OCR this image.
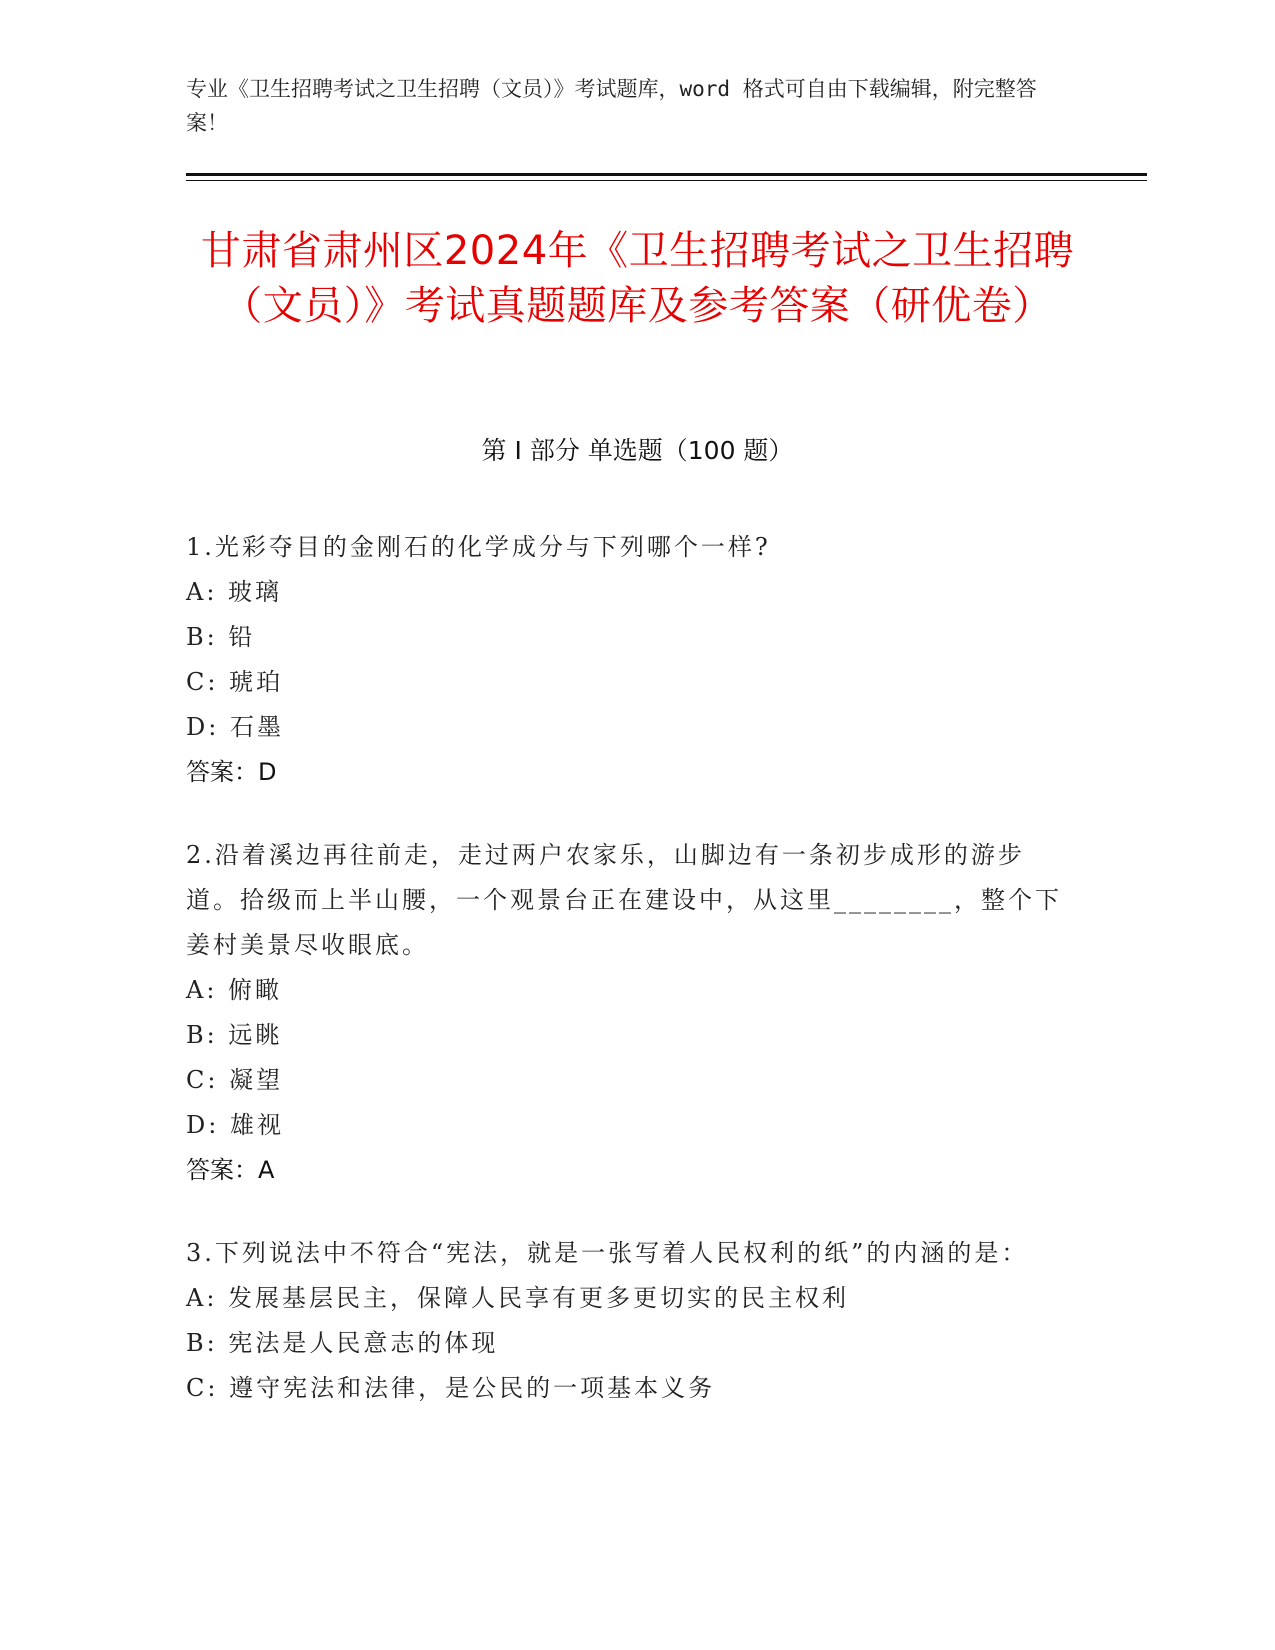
专业《卫生招聘考试之卫生招聘（文员）》考试题库，word 格式可自由下载编辑，附完整答案！
甘肃省肃州区2024年《卫生招聘考试之卫生招聘（文员）》考试真题题库及参考答案（研优卷）
第 I 部分 单选题（100 题）
1.光彩夺目的金刚石的化学成分与下列哪个一样?
A: 玻璃
B: 铅
C: 琥珀
D: 石墨
答案：D
2.沿着溪边再往前走，走过两户农家乐，山脚边有一条初步成形的游步道。拾级而上半山腰，一个观景台正在建设中，从这里________，整个下姜村美景尽收眼底。
A: 俯瞰
B: 远眺
C: 凝望
D: 雄视
答案：A
3.下列说法中不符合“宪法，就是一张写着人民权利的纸”的内涵的是：
A: 发展基层民主，保障人民享有更多更切实的民主权利
B: 宪法是人民意志的体现
C: 遵守宪法和法律，是公民的一项基本义务
